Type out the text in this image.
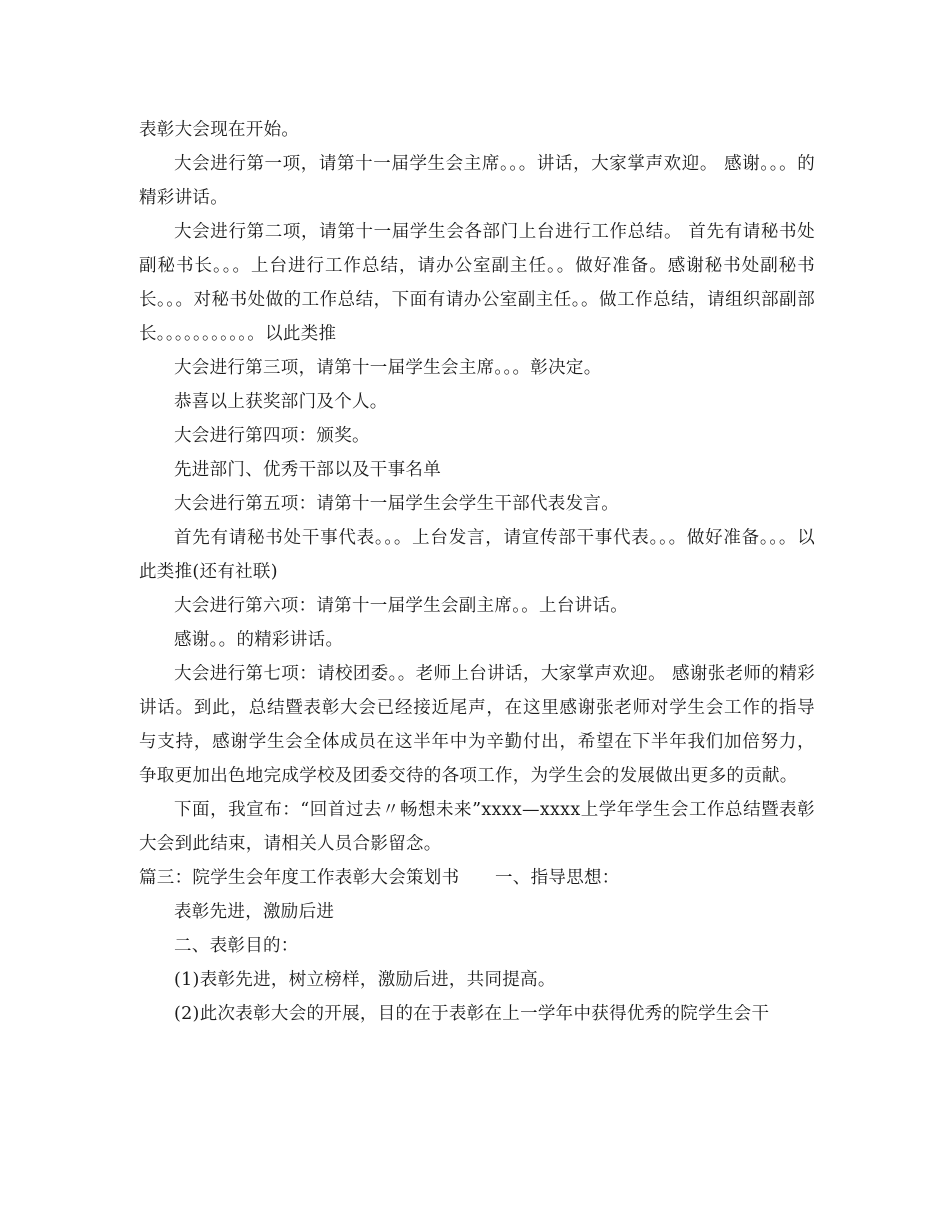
表彰大会现在开始。

大会进行第一项，请第十一届学生会主席。。。讲话，大家掌声欢迎。 感谢。。。的精彩讲话。

大会进行第二项，请第十一届学生会各部门上台进行工作总结。 首先有请秘书处副秘书长。。。上台进行工作总结，请办公室副主任。。做好准备。感谢秘书处副秘书长。。。对秘书处做的工作总结，下面有请办公室副主任。。做工作总结，请组织部副部长。。。。。。。。。。。以此类推

大会进行第三项，请第十一届学生会主席。。。彰决定。

恭喜以上获奖部门及个人。

大会进行第四项：颁奖。

先进部门、优秀干部以及干事名单

大会进行第五项：请第十一届学生会学生干部代表发言。

首先有请秘书处干事代表。。。上台发言，请宣传部干事代表。。。做好准备。。。以此类推(还有社联)

大会进行第六项：请第十一届学生会副主席。。上台讲话。

感谢。。的精彩讲话。

大会进行第七项：请校团委。。老师上台讲话，大家掌声欢迎。 感谢张老师的精彩讲话。到此，总结暨表彰大会已经接近尾声，在这里感谢张老师对学生会工作的指导与支持，感谢学生会全体成员在这半年中为辛勤付出，希望在下半年我们加倍努力，争取更加出色地完成学校及团委交待的各项工作，为学生会的发展做出更多的贡献。

下面，我宣布：“回首过去〃畅想未来”xxxx—xxxx上学年学生会工作总结暨表彰大会到此结束，请相关人员合影留念。

篇三：院学生会年度工作表彰大会策划书　　一、指导思想：

表彰先进，激励后进

二、表彰目的：

(1)表彰先进，树立榜样，激励后进，共同提高。

(2)此次表彰大会的开展，目的在于表彰在上一学年中获得优秀的院学生会干
